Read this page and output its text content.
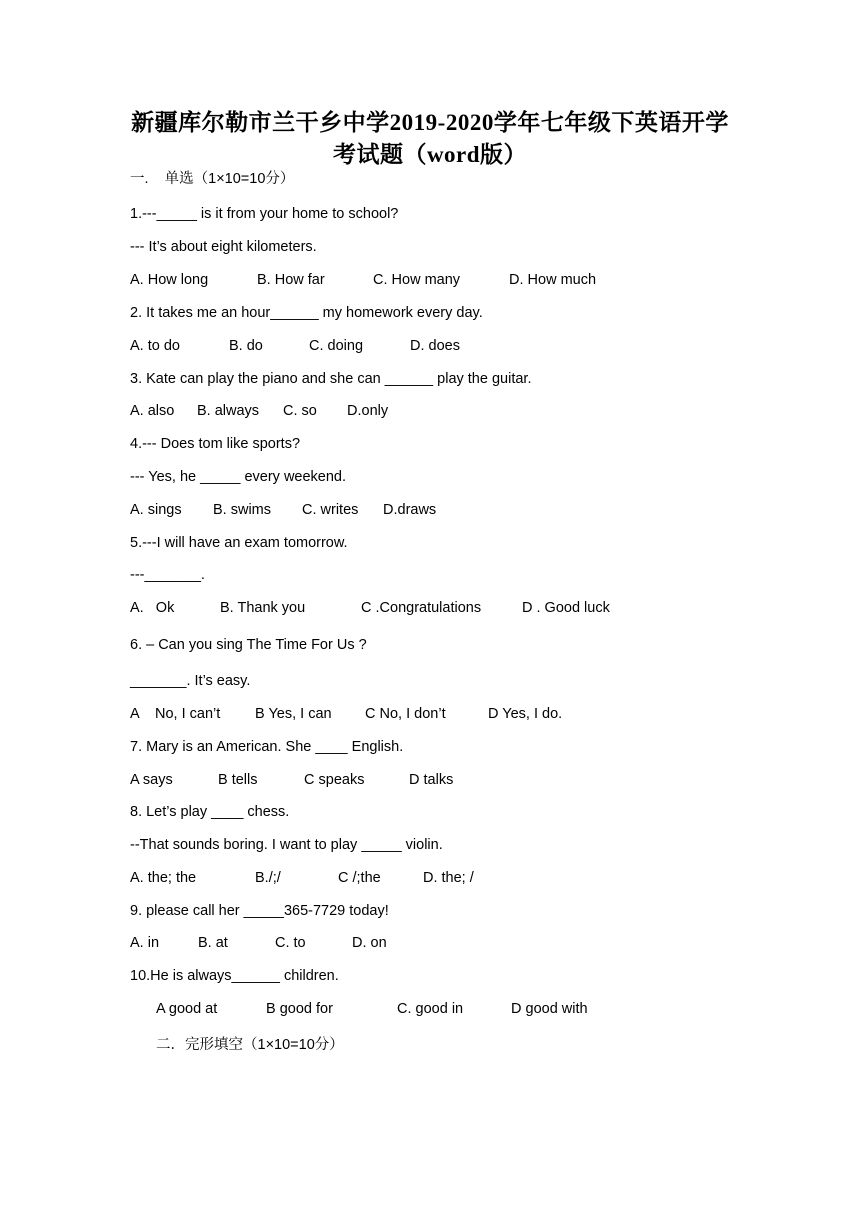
新疆库尔勒市兰干乡中学2019-2020学年七年级下英语开学
考试题（word版）
一.    单选（1×10=10分）
1.---_____ is it from your home to school?
--- It’s about eight kilometers.
A. How long	B. How far	C. How many	D. How much
2. It takes me an hour______ my homework every day.
A. to do	B. do	C. doing	D. does
3. Kate can play the piano and she can ______ play the guitar.
A. also B. always C. so D.only
4.--- Does tom like sports?
--- Yes, he _____ every weekend.
A. sings B. swims C. writes D.draws
5.---I will have an exam tomorrow.
---_______.
A.   Ok	B. Thank you	C .Congratulations	D . Good luck
6. – Can you sing The Time For Us ?
_______. It’s easy.
A    No, I can’t B Yes, I can C No, I don’t	D Yes, I do.
7. Mary is an American. She ____ English.
A says	B tells	C speaks	D talks
8. Let’s play ____ chess.
--That sounds boring. I want to play _____ violin.
A. the; the	B./;/	C /;the	D. the; /
9. please call her _____365-7729 today!
A. in	B. at	C. to	D. on
10.He is always______ children.
A good at	B good for	C. good in	D good with
二．完形填空（1×10=10分）
